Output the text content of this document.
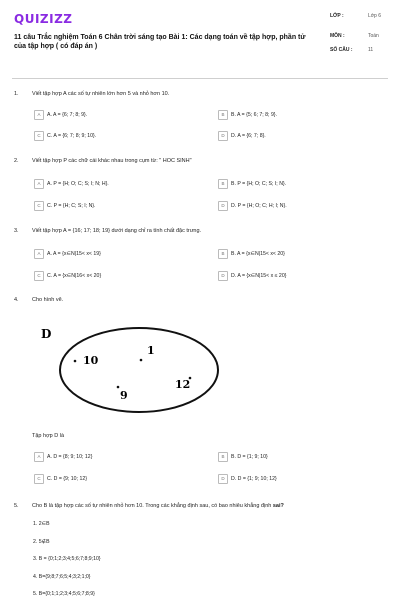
QUIZIZZ
11 câu Trắc nghiệm Toán 6 Chân trời sáng tạo Bài 1: Các dạng toán về tập hợp, phần tử của tập hợp ( có đáp án )
LỚP :	Lớp 6
MÔN :	Toán
SỐ CÂU :	11
1. Viết tập hợp A các số tự nhiên lớn hơn 5 và nhỏ hơn 10.
A	A. A = {6; 7; 8; 9}.	B	B. A = {5; 6; 7; 8; 9}.
C	C. A = {6; 7; 8; 9; 10}.	D	D. A = {6; 7; 8}.
2. Viết tập hợp P các chữ cái khác nhau trong cụm từ: " HOC SINH"
A	A. P = {H; O; C; S; I; N; H}.	B	B. P = {H; O; C; S; I; N}.
C	C. P = {H; C; S; I; N}.	D	D. P = {H; O; C; H; I; N}.
3. Viết tập hợp A = {16; 17; 18; 19} dưới dạng chỉ ra tính chất đặc trưng.
A	A. A = {x∈N|15< x< 19}	B	B. A = {x∈N|15< x< 20}
C	C. A = {x∈N|16< x< 20}	D	D. A = {x∈N|15< x ≤ 20}
4. Cho hình vẽ.
D
10
1
12
9
Tập hợp D là
A	A. D = {8; 9; 10; 12}	B	B. D = {1; 9; 10}
C	C. D = {9; 10; 12}	D	D. D = {1; 9; 10; 12}
5. Cho B là tập hợp các số tự nhiên nhỏ hơn 10. Trong các khẳng định sau, có bao nhiêu khẳng định sai?
1. 2∈B
2. 5∉B
3. B = {0;1;2;3;4;5;6;7;8;9;10}
4. B={9;8;7;6;5;4;3;2;1;0}
5. B={0;1;1;2;3;4;5;6;7;8;9}
